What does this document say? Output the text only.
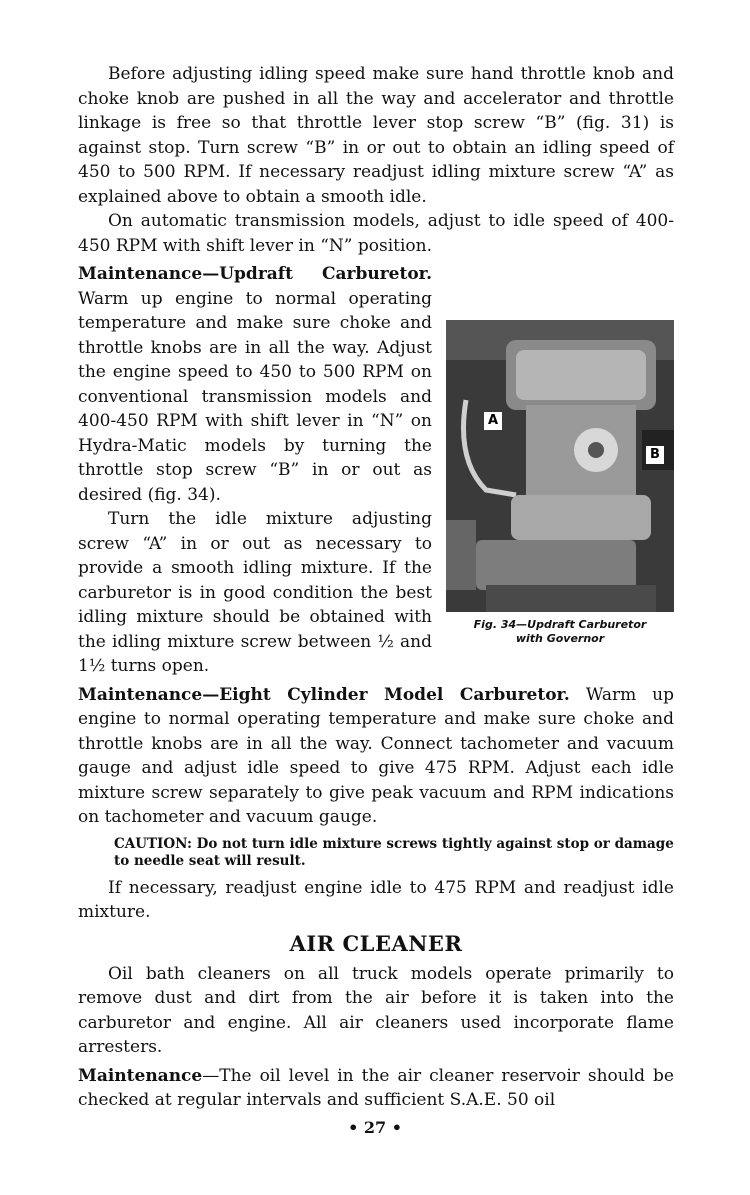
Before adjusting idling speed make sure hand throttle knob and choke knob are pushed in all the way and accelerator and throttle linkage is free so that throttle lever stop screw “B” (fig. 31) is against stop. Turn screw “B” in or out to obtain an idling speed of 450 to 500 RPM. If necessary readjust idling mixture screw “A” as explained above to obtain a smooth idle.

On automatic transmission models, adjust to idle speed of 400-450 RPM with shift lever in “N” position.

A
B
Fig. 34—Updraft Carburetor
with Governor

Maintenance—Updraft Carburetor. Warm up engine to normal operating temperature and make sure choke and throttle knobs are in all the way. Adjust the engine speed to 450 to 500 RPM on conventional transmission models and 400-450 RPM with shift lever in “N” on Hydra-Matic models by turning the throttle stop screw “B” in or out as desired (fig. 34).

Turn the idle mixture adjusting screw “A” in or out as necessary to provide a smooth idling mixture. If the carburetor is in good condition the best idling mixture should be obtained with the idling mixture screw between ½ and 1½ turns open.

Maintenance—Eight Cylinder Model Carburetor. Warm up engine to normal operating temperature and make sure choke and throttle knobs are in all the way. Connect tachometer and vacuum gauge and adjust idle speed to give 475 RPM. Adjust each idle mixture screw separately to give peak vacuum and RPM indications on tachometer and vacuum gauge.

CAUTION: Do not turn idle mixture screws tightly against stop or damage to needle seat will result.

If necessary, readjust engine idle to 475 RPM and readjust idle mixture.

AIR CLEANER

Oil bath cleaners on all truck models operate primarily to remove dust and dirt from the air before it is taken into the carburetor and engine. All air cleaners used incorporate flame arresters.

Maintenance—The oil level in the air cleaner reservoir should be checked at regular intervals and sufficient S.A.E. 50 oil

• 27 •
